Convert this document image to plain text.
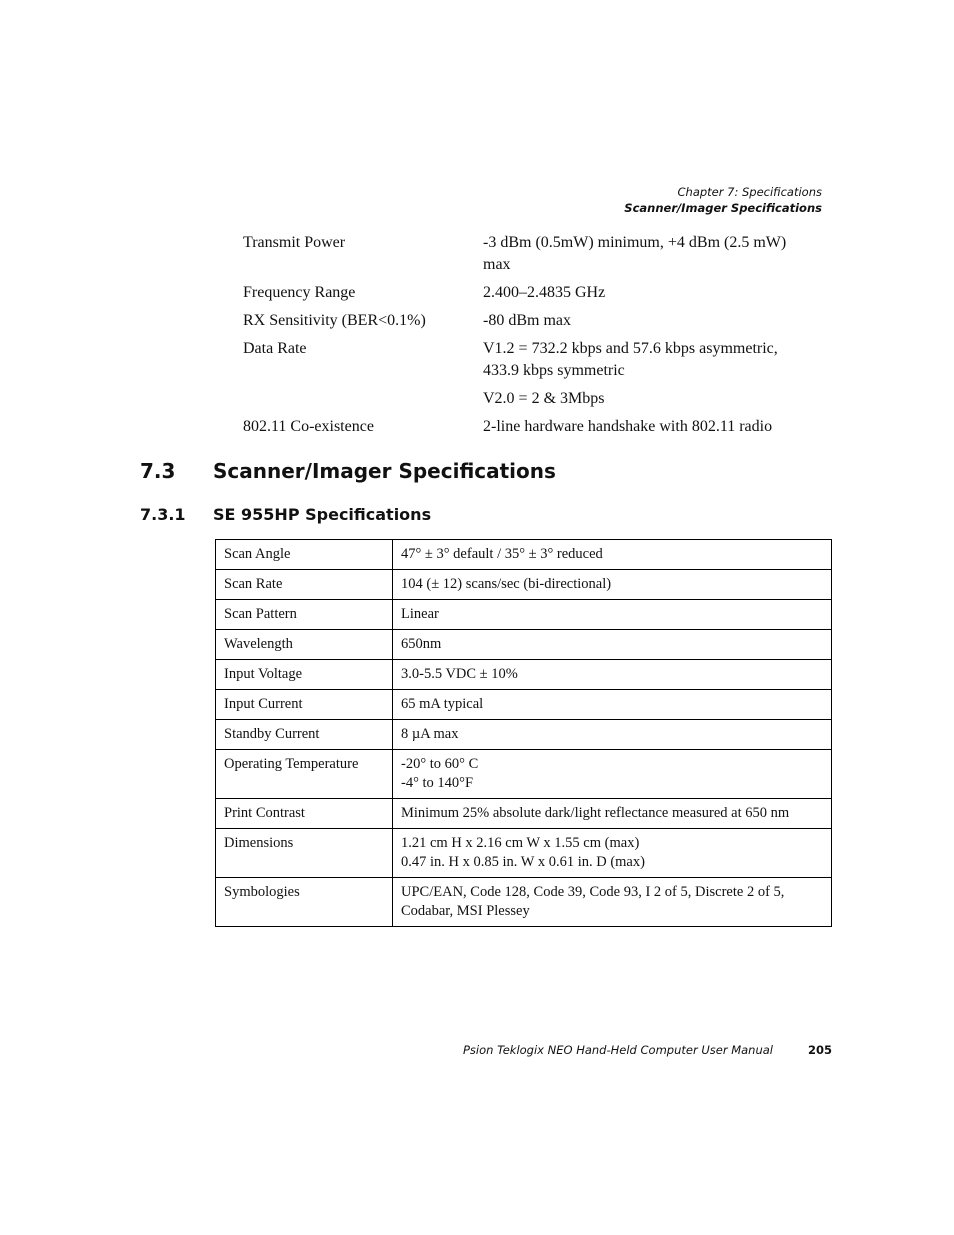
Chapter 7: Specifications
Scanner/Imager Specifications
Transmit Power	-3 dBm (0.5mW) minimum, +4 dBm (2.5 mW) max
Frequency Range	2.400–2.4835 GHz
RX Sensitivity (BER<0.1%)	-80 dBm max
Data Rate	V1.2 = 732.2 kbps and 57.6 kbps asymmetric, 433.9 kbps symmetric
V2.0 = 2 & 3Mbps
802.11 Co-existence	2-line hardware handshake with 802.11 radio
7.3 Scanner/Imager Specifications
7.3.1 SE 955HP Specifications
Scan Angle	47° ± 3° default / 35° ± 3° reduced

Scan Rate	104 (± 12) scans/sec (bi-directional)

Scan Pattern	Linear

Wavelength	650nm

Input Voltage	3.0-5.5 VDC ± 10%

Input Current	65 mA typical

Standby Current	8 µA max

Operating Temperature	-20° to 60° C
-4° to 140°F

Print Contrast	Minimum 25% absolute dark/light reflectance measured at 650 nm

Dimensions	1.21 cm H x 2.16 cm W x 1.55 cm (max)
0.47 in. H x 0.85 in. W x 0.61 in. D (max)

Symbologies	UPC/EAN, Code 128, Code 39, Code 93, I 2 of 5, Discrete 2 of 5, Codabar, MSI Plessey
Psion Teklogix NEO Hand-Held Computer User Manual	205
